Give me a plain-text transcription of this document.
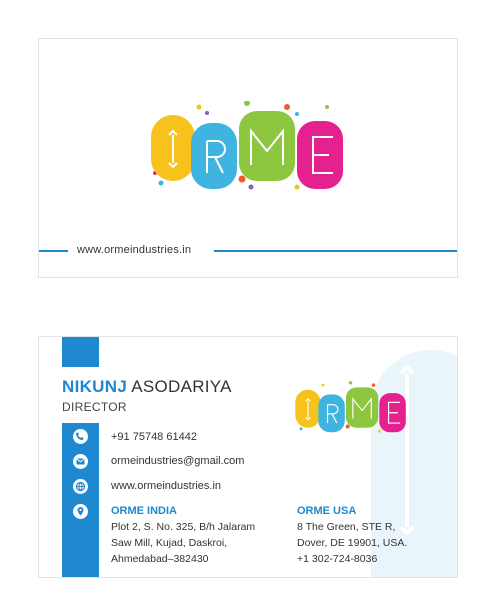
www.ormeindustries.in
NIKUNJ ASODARIYA
DIRECTOR
+91 75748 61442
ormeindustries@gmail.com
www.ormeindustries.in
ORME INDIA
Plot 2, S. No. 325, B/h Jalaram
Saw Mill, Kujad, Daskroi,
Ahmedabad–382430
ORME USA
8 The Green, STE R,
Dover, DE 19901, USA.
+1 302-724-8036
